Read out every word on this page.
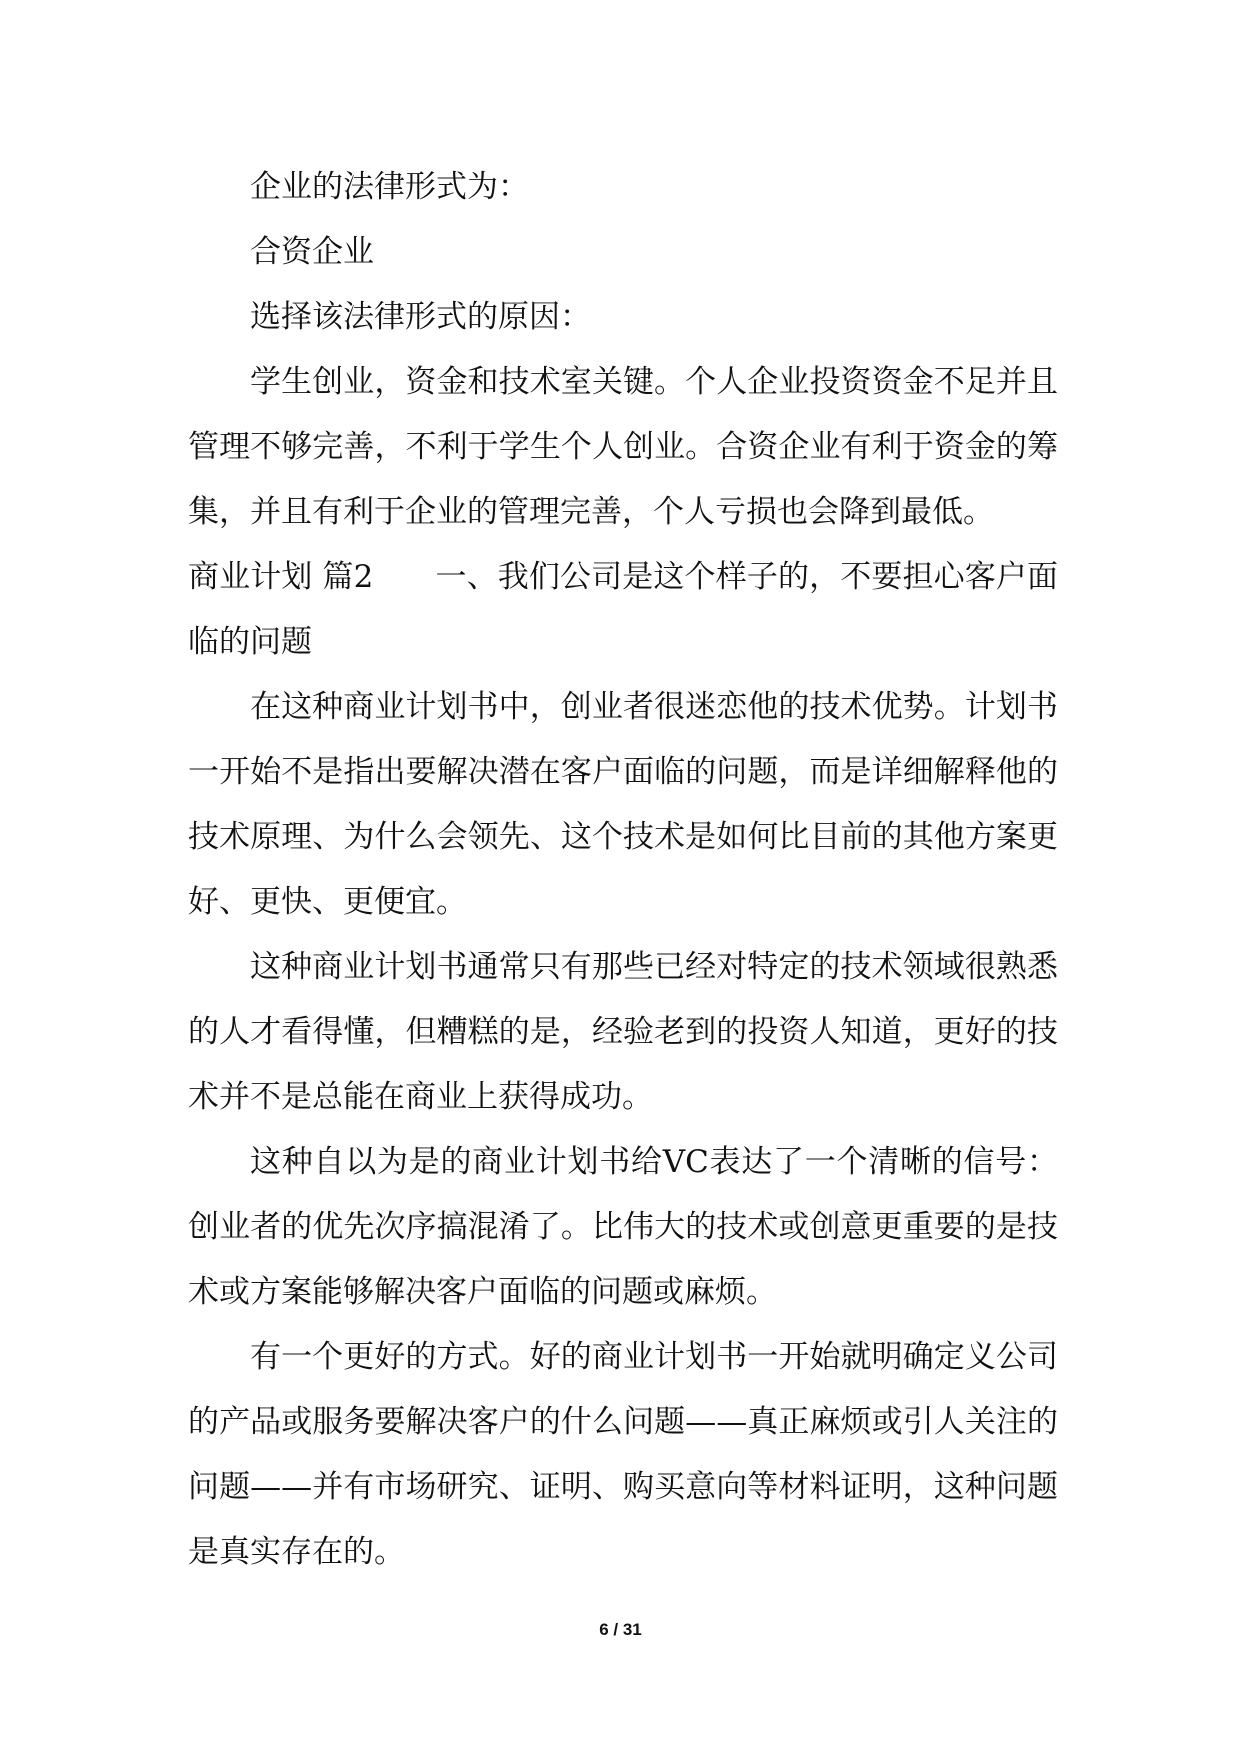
企业的法律形式为：

合资企业

选择该法律形式的原因：

学生创业，资金和技术室关键。个人企业投资资金不足并且管理不够完善，不利于学生个人创业。合资企业有利于资金的筹集，并且有利于企业的管理完善，个人亏损也会降到最低。

商业计划 篇2 一、我们公司是这个样子的，不要担心客户面临的问题

在这种商业计划书中，创业者很迷恋他的技术优势。计划书一开始不是指出要解决潜在客户面临的问题，而是详细解释他的技术原理、为什么会领先、这个技术是如何比目前的其他方案更好、更快、更便宜。

这种商业计划书通常只有那些已经对特定的技术领域很熟悉的人才看得懂，但糟糕的是，经验老到的投资人知道，更好的技术并不是总能在商业上获得成功。

这种自以为是的商业计划书给VC表达了一个清晰的信号：创业者的优先次序搞混淆了。比伟大的技术或创意更重要的是技术或方案能够解决客户面临的问题或麻烦。

有一个更好的方式。好的商业计划书一开始就明确定义公司的产品或服务要解决客户的什么问题——真正麻烦或引人关注的问题——并有市场研究、证明、购买意向等材料证明，这种问题是真实存在的。

6 / 31
